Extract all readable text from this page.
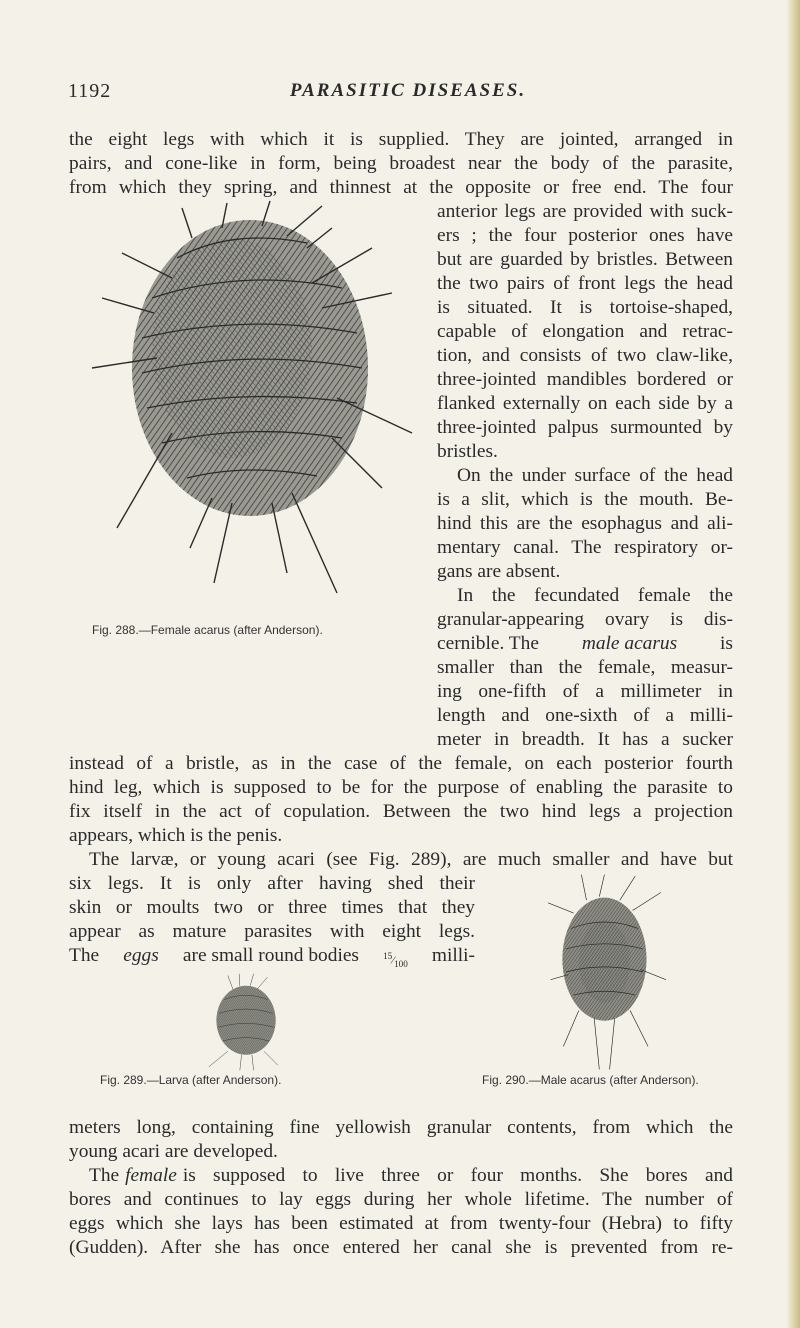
1192	PARASITIC DISEASES.
the eight legs with which it is supplied. They are jointed, arranged in
pairs, and cone-like in form, being broadest near the body of the parasite,
from which they spring, and thinnest at the opposite or free end. The four
Fig. 288.—Female acarus (after Anderson).
anterior legs are provided with suck-
ers ; the four posterior ones have
but are guarded by bristles. Between
the two pairs of front legs the head
is situated. It is tortoise-shaped,
capable of elongation and retrac-
tion, and consists of two claw-like,
three-jointed mandibles bordered or
flanked externally on each side by a
three-jointed palpus surmounted by
bristles.
On the under surface of the head
is a slit, which is the mouth. Be-
hind this are the esophagus and ali-
mentary canal. The respiratory or-
gans are absent.
In the fecundated female the
granular-appearing ovary is dis-
cernible. The male acarus is
smaller than the female, measur-
ing one-fifth of a millimeter in
length and one-sixth of a milli-
meter in breadth. It has a sucker
instead of a bristle, as in the case of the female, on each posterior fourth
hind leg, which is supposed to be for the purpose of enabling the parasite to
fix itself in the act of copulation. Between the two hind legs a projection
appears, which is the penis.
The larvæ, or young acari (see Fig. 289), are much smaller and have but
six legs. It is only after having shed their
skin or moults two or three times that they
appear as mature parasites with eight legs.
The eggs are small round bodies	$^{15}⁄_{100}$ milli-
Fig. 289.—Larva (after Anderson).	Fig. 290.—Male acarus (after Anderson).
meters long, containing fine yellowish granular contents, from which the
young acari are developed.
The female is supposed to live three or four months. She bores and
bores and continues to lay eggs during her whole lifetime. The number of
eggs which she lays has been estimated at from twenty-four (Hebra) to fifty
(Gudden). After she has once entered her canal she is prevented from re-
